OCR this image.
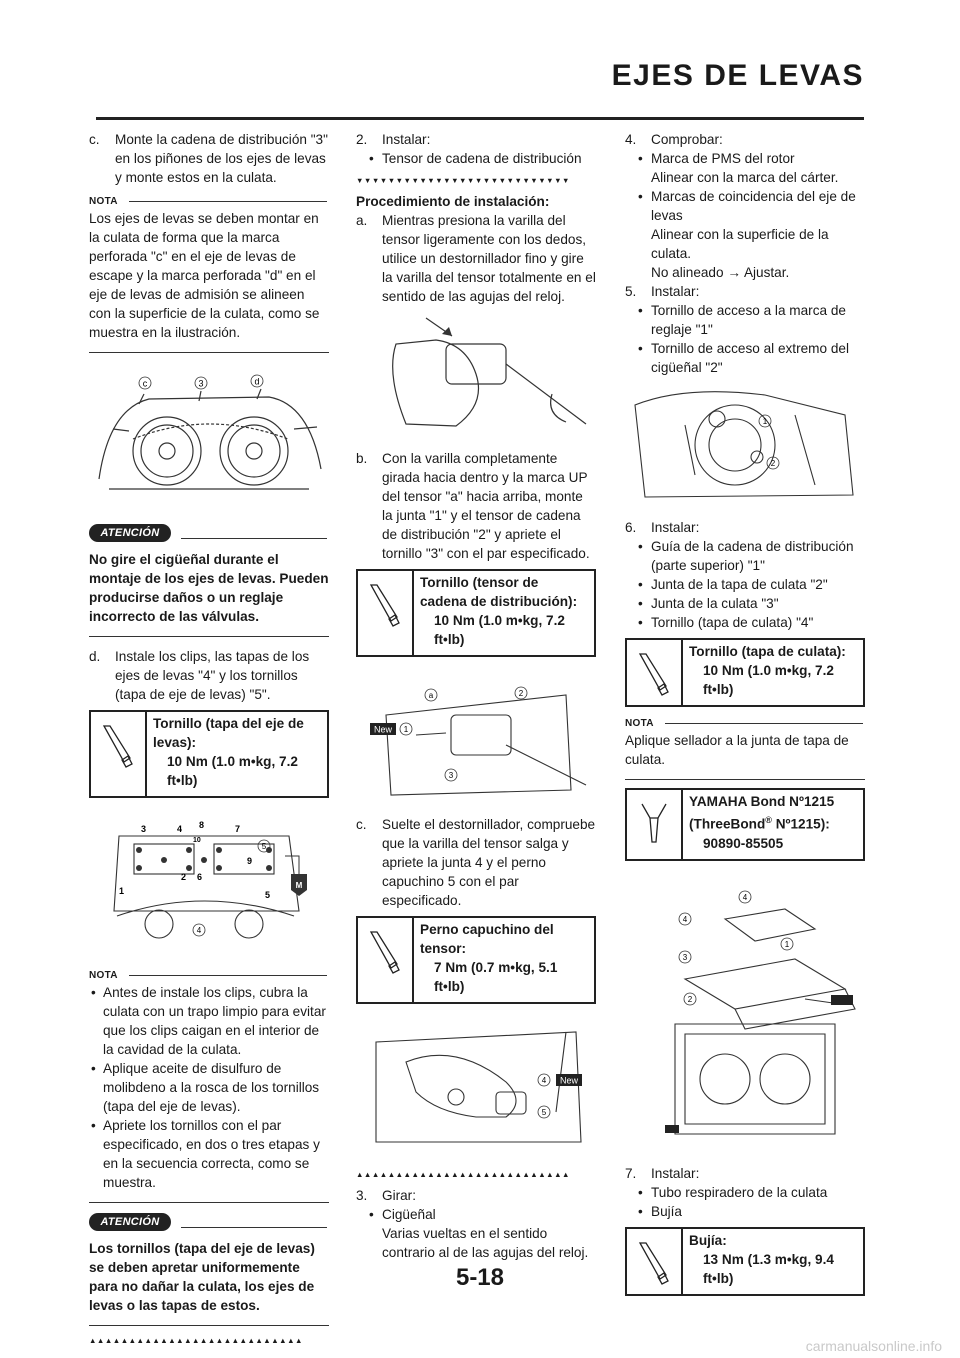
EJES DE LEVAS
c. Monte la cadena de distribución "3" en los piñones de los ejes de levas y monte estos en la culata.
NOTA

Los ejes de levas se deben montar en la culata de forma que la marca perforada "c" en el eje de levas de escape y la marca perforada "d" en el eje de levas de admisión se alineen con la superficie de la culata, como se muestra en la ilustración.

c	3	d
ATENCIÓN

No gire el cigüeñal durante el montaje de los ejes de levas. Pueden producirse daños o un reglaje incorrecto de las válvulas.

d. Instale los clips, las tapas de los ejes de levas "4" y los tornillos (tapa de eje de levas) "5".
Tornillo (tapa del eje de levas):
10 Nm (1.0 m•kg, 7.2 ft•lb)
3	4 8	7
10
2 6
9
1	5
5
4
M
NOTA
• Antes de instale los clips, cubra la culata con un trapo limpio para evitar que los clips caigan en el interior de la cavidad de la culata.
• Aplique aceite de disulfuro de molibdeno a la rosca de los tornillos (tapa del eje de levas).
• Apriete los tornillos con el par especificado, en dos o tres etapas y en la secuencia correcta, como se muestra.
ATENCIÓN

Los tornillos (tapa del eje de levas) se deben apretar uniformemente para no dañar la culata, los ejes de levas o las tapas de estos.

▲▲▲▲▲▲▲▲▲▲▲▲▲▲▲▲▲▲▲▲▲▲▲▲▲▲▲
2. Instalar:
• Tensor de cadena de distribución
▼▼▼▼▼▼▼▼▼▼▼▼▼▼▼▼▼▼▼▼▼▼▼▼▼▼▼

Procedimiento de instalación:

a. Mientras presiona la varilla del tensor ligeramente con los dedos, utilice un destornillador fino y gire la varilla del tensor totalmente en el sentido de las agujas del reloj.
b. Con la varilla completamente girada hacia dentro y la marca UP del tensor "a" hacia arriba, monte la junta "1" y el tensor de cadena de distribución "2" y apriete el tornillo "3" con el par especificado.
Tornillo (tensor de cadena de distribución):
10 Nm (1.0 m•kg, 7.2 ft•lb)
New
a
1
2
3
c. Suelte el destornillador, compruebe que la varilla del tensor salga y apriete la junta 4 y el perno capuchino 5 con el par especificado.
Perno capuchino del tensor:
7 Nm (0.7 m•kg, 5.1 ft•lb)
New
4
5
▲▲▲▲▲▲▲▲▲▲▲▲▲▲▲▲▲▲▲▲▲▲▲▲▲▲▲
3. Girar:
• Cigüeñal
Varias vueltas en el sentido contrario al de las agujas del reloj.
4. Comprobar:
• Marca de PMS del rotor
Alinear con la marca del cárter.
• Marcas de coincidencia del eje de levas
Alinear con la superficie de la culata.
No alineado → Ajustar.
5. Instalar:
• Tornillo de acceso a la marca de reglaje "1"
• Tornillo de acceso al extremo del cigüeñal "2"
1
2
6. Instalar:
• Guía de la cadena de distribución (parte superior) "1"
• Junta de la tapa de culata "2"
• Junta de la culata "3"
• Tornillo (tapa de culata) "4"
Tornillo (tapa de culata):
10 Nm (1.0 m•kg, 7.2 ft•lb)
NOTA

Aplique sellador a la junta de tapa de culata.

YAMAHA Bond Nº1215
(ThreeBond® Nº1215):
90890-85505
1
2
3
4
4
7. Instalar:
• Tubo respiradero de la culata
• Bujía
Bujía:
13 Nm (1.3 m•kg, 9.4 ft•lb)
5-18
carmanualsonline.info
